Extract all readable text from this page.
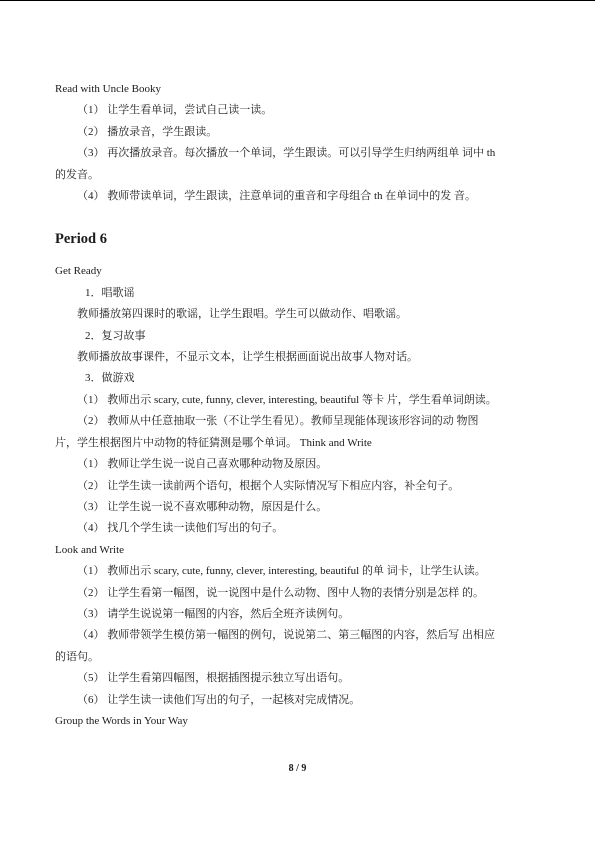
Read with Uncle Booky
（1） 让学生看单词，尝试自己读一读。
（2） 播放录音，学生跟读。
（3） 再次播放录音。每次播放一个单词，学生跟读。可以引导学生归纳两组单 词中 th
的发音。
（4） 教师带读单词，学生跟读，注意单词的重音和字母组合 th 在单词中的发 音。
Period 6
Get Ready
1．唱歌谣
教师播放第四课时的歌谣，让学生跟唱。学生可以做动作、唱歌谣。
2．复习故事
教师播放故事课件，不显示文本，让学生根据画面说出故事人物对话。
3．做游戏
（1） 教师出示 scary, cute, funny, clever, interesting, beautiful 等卡 片，学生看单词朗读。
（2） 教师从中任意抽取一张（不让学生看见）。教师呈现能体现该形容词的动 物图
片，学生根据图片中动物的特征猜测是哪个单词。 Think and Write
（1） 教师让学生说一说自己喜欢哪种动物及原因。
（2） 让学生读一读前两个语句，根据个人实际情况写下相应内容，补全句子。
（3） 让学生说一说不喜欢哪种动物，原因是什么。
（4） 找几个学生读一读他们写出的句子。
Look and Write
（1） 教师出示 scary, cute, funny, clever, interesting, beautiful 的单 词卡，让学生认读。
（2） 让学生看第一幅图，说一说图中是什么动物、图中人物的表情分别是怎样 的。
（3） 请学生说说第一幅图的内容，然后全班齐读例句。
（4） 教师带领学生模仿第一幅图的例句，说说第二、第三幅图的内容，然后写 出相应
的语句。
（5） 让学生看第四幅图，根据插图提示独立写出语句。
（6） 让学生读一读他们写出的句子，一起核对完成情况。
Group the Words in Your Way
8 / 9
